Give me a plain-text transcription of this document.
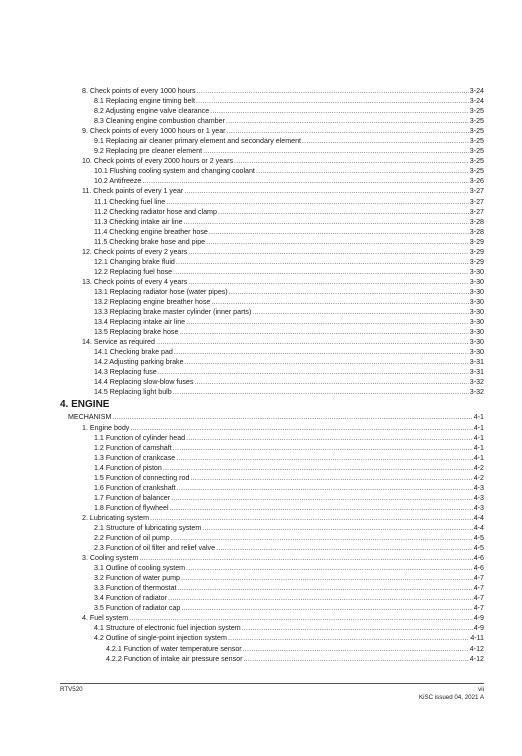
8. Check points of every 1000 hours .....	3-24
8.1 Replacing engine timing belt .....	3-24
8.2 Adjusting engine valve clearance .....	3-25
8.3 Cleaning engine combustion chamber .....	3-25
9. Check points of every 1000 hours or 1 year .....	3-25
9.1 Replacing air cleaner primary element and secondary element .....	3-25
9.2 Replacing pre cleaner element .....	3-25
10. Check points of every 2000 hours or 2 years .....	3-25
10.1 Flushing cooling system and changing coolant .....	3-25
10.2 Antifreeze .....	3-26
11. Check points of every 1 year .....	3-27
11.1 Checking fuel line .....	3-27
11.2 Checking radiator hose and clamp .....	3-27
11.3 Checking intake air line .....	3-28
11.4 Checking engine breather hose .....	3-28
11.5 Checking brake hose and pipe .....	3-29
12. Check points of every 2 years .....	3-29
12.1 Changing brake fluid .....	3-29
12.2 Replacing fuel hose .....	3-30
13. Check points of every 4 years .....	3-30
13.1 Replacing radiator hose (water pipes) .....	3-30
13.2 Replacing engine breather hose .....	3-30
13.3 Replacing brake master cylinder (inner parts) .....	3-30
13.4 Replacing intake air line .....	3-30
13.5 Replacing brake hose .....	3-30
14. Service as required .....	3-30
14.1 Checking brake pad .....	3-30
14.2 Adjusting parking brake .....	3-31
14.3 Replacing fuse .....	3-31
14.4 Replacing slow-blow fuses .....	3-32
14.5 Replacing light bulb .....	3-32
4. ENGINE
MECHANISM .....	4-1
1. Engine body .....	4-1
1.1 Function of cylinder head .....	4-1
1.2 Function of camshaft .....	4-1
1.3 Function of crankcase .....	4-1
1.4 Function of piston .....	4-2
1.5 Function of connecting rod .....	4-2
1.6 Function of crankshaft .....	4-3
1.7 Function of balancer .....	4-3
1.8 Function of flywheel .....	4-3
2. Lubricating system .....	4-4
2.1 Structure of lubricating system .....	4-4
2.2 Function of oil pump .....	4-5
2.3 Function of oil filter and relief valve .....	4-5
3. Cooling system .....	4-6
3.1 Outline of cooling system .....	4-6
3.2 Function of water pump .....	4-7
3.3 Function of thermostat .....	4-7
3.4 Function of radiator .....	4-7
3.5 Function of radiator cap .....	4-7
4. Fuel system .....	4-9
4.1 Structure of electronic fuel injection system .....	4-9
4.2 Outline of single-point injection system .....	4-11
4.2.1 Function of water temperature sensor .....	4-12
4.2.2 Function of intake air pressure sensor .....	4-12
RTV520	vii
KiSC issued 04, 2021 A
